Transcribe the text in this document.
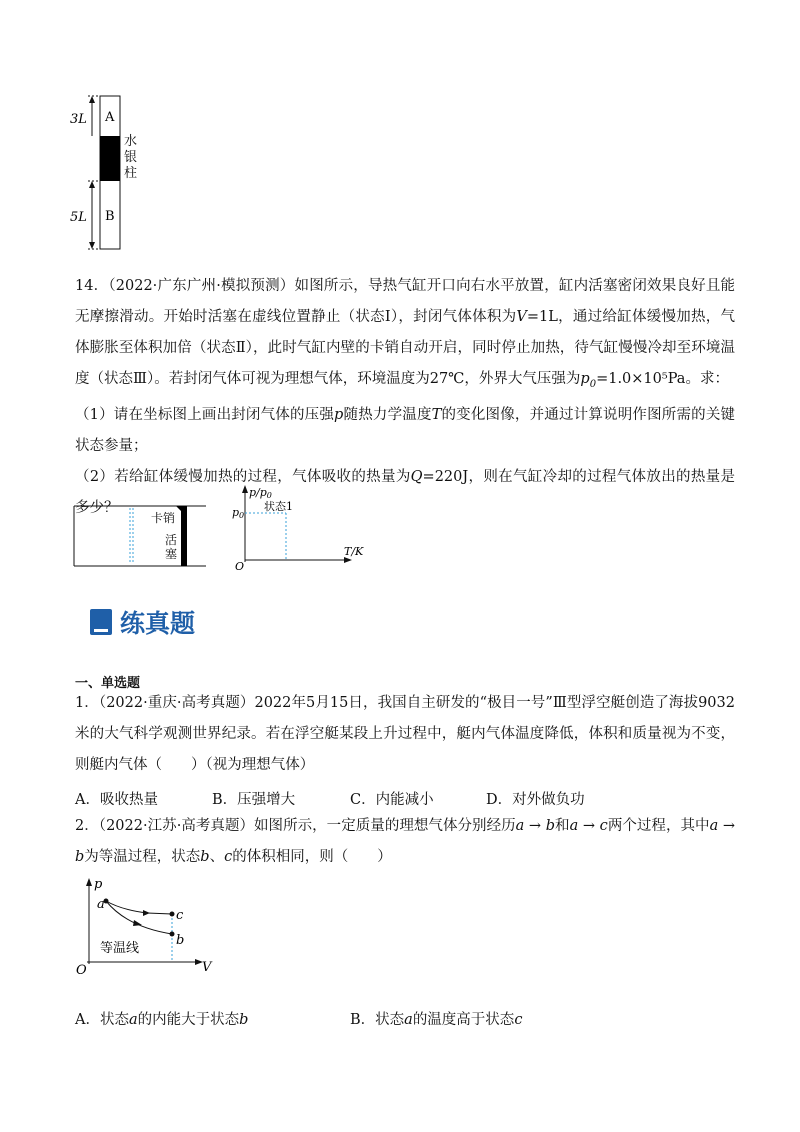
3L
5L
A
B
水
银
柱

14．（2022·广东广州·模拟预测）如图所示，导热气缸开口向右水平放置，缸内活塞密闭效果良好且能无摩擦滑动。开始时活塞在虚线位置静止（状态Ⅰ），封闭气体体积为V=1L，通过给缸体缓慢加热，气体膨胀至体积加倍（状态Ⅱ），此时气缸内壁的卡销自动开启，同时停止加热，待气缸慢慢冷却至环境温度（状态Ⅲ）。若封闭气体可视为理想气体，环境温度为27℃，外界大气压强为$p_0=1.0\times 10^5Pa$。求：

（1）请在坐标图上画出封闭气体的压强p随热力学温度T的变化图像，并通过计算说明作图所需的关键状态参量；

（2）若给缸体缓慢加热的过程，气体吸收的热量为Q=220J，则在气缸冷却的过程气体放出的热量是多少？

卡销
活
塞
p/p0
状态1
p0
T/K
O
练真题
一、单选题

1．（2022·重庆·高考真题）2022年5月15日，我国自主研发的“极目一号”Ⅲ型浮空艇创造了海拔9032米的大气科学观测世界纪录。若在浮空艇某段上升过程中，艇内气体温度降低，体积和质量视为不变，则艇内气体（　　）（视为理想气体）

A．吸收热量	B．压强增大	C．内能减小	D．对外做负功

2．（2022·江苏·高考真题）如图所示，一定质量的理想气体分别经历a → b和a → c两个过程，其中a → b为等温过程，状态b、c的体积相同，则（　　）

p
a
c
b
等温线
V
O
A．状态a的内能大于状态b	B．状态a的温度高于状态c
